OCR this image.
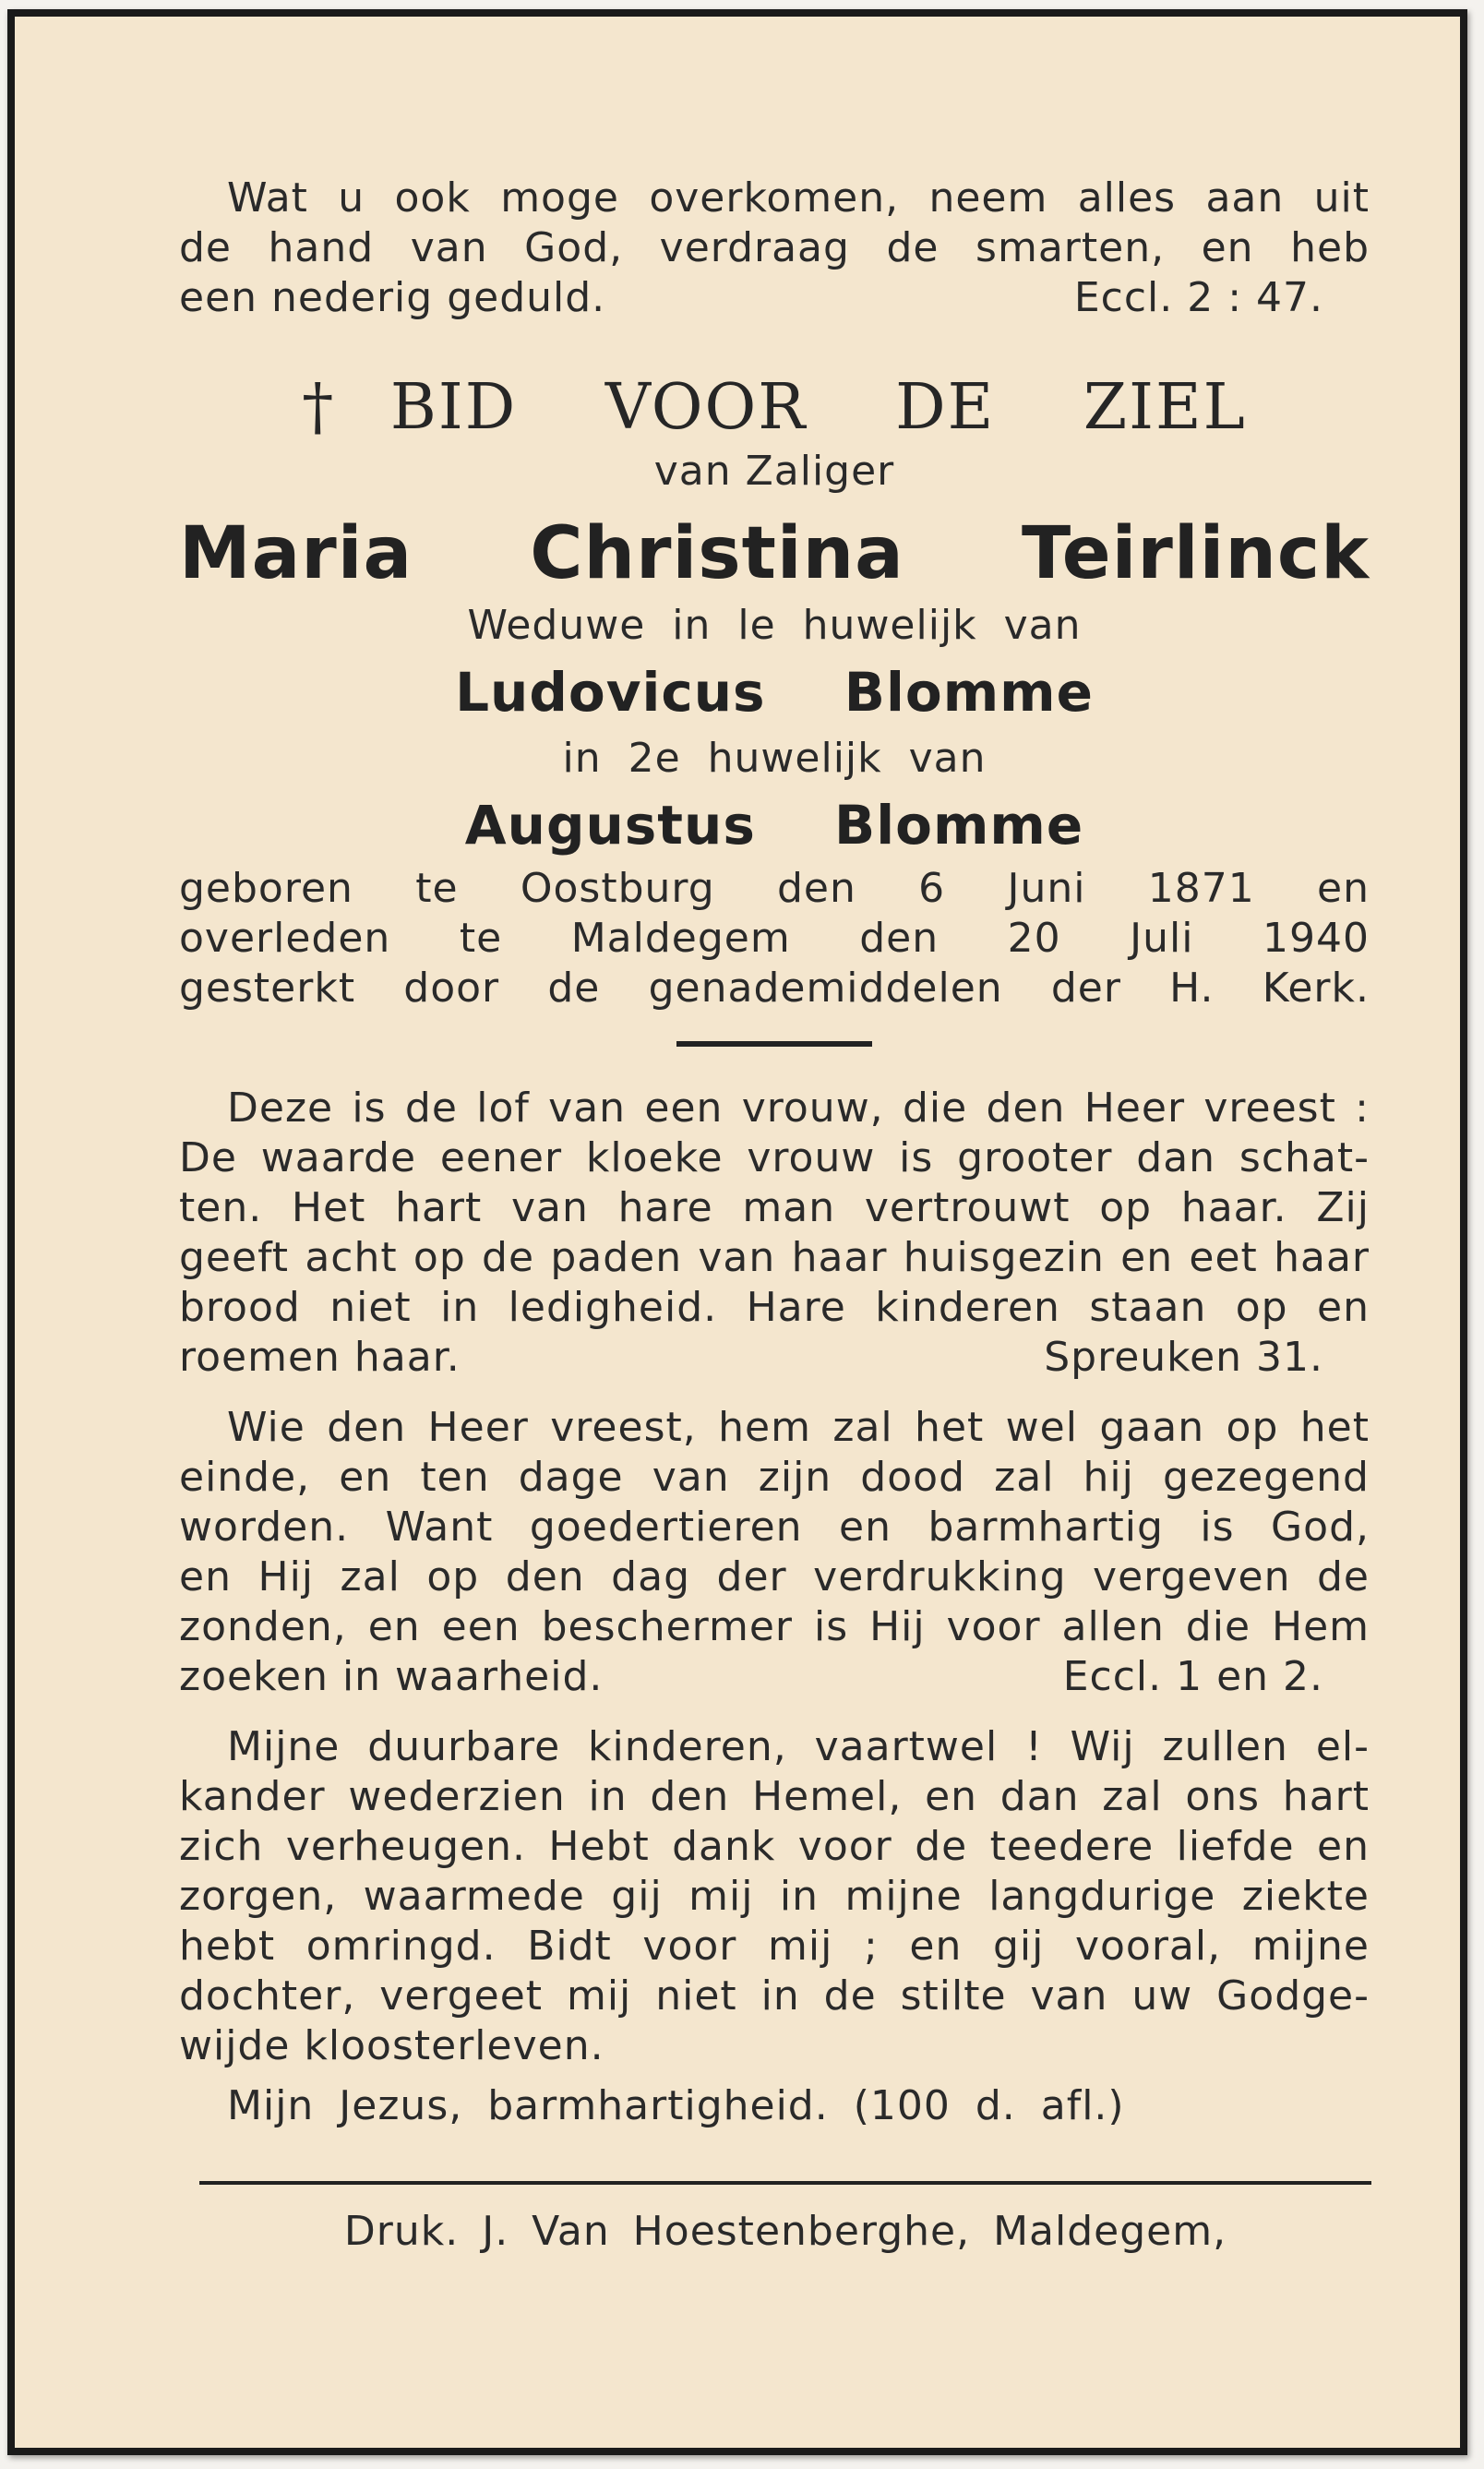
Wat u ook moge overkomen, neem alles aan uit
de hand van God, verdraag de smarten, en heb
een nederig geduld.	Eccl. 2 : 47.
† BID VOOR DE ZIEL
van Zaliger
Maria Christina Teirlinck
Weduwe in le huwelijk van
Ludovicus Blomme
in 2e huwelijk van
Augustus Blomme
geboren te Oostburg den 6 Juni 1871 en
overleden te Maldegem den 20 Juli 1940
gesterkt door de genademiddelen der H. Kerk.
Deze is de lof van een vrouw, die den Heer vreest :
De waarde eener kloeke vrouw is grooter dan schat-
ten. Het hart van hare man vertrouwt op haar. Zij
geeft acht op de paden van haar huisgezin en eet haar
brood niet in ledigheid. Hare kinderen staan op en
roemen haar.	Spreuken 31.
Wie den Heer vreest, hem zal het wel gaan op het
einde, en ten dage van zijn dood zal hij gezegend
worden. Want goedertieren en barmhartig is God,
en Hij zal op den dag der verdrukking vergeven de
zonden, en een beschermer is Hij voor allen die Hem
zoeken in waarheid.	Eccl. 1 en 2.
Mijne duurbare kinderen, vaartwel ! Wij zullen el-
kander wederzien in den Hemel, en dan zal ons hart
zich verheugen. Hebt dank voor de teedere liefde en
zorgen, waarmede gij mij in mijne langdurige ziekte
hebt omringd. Bidt voor mij ; en gij vooral, mijne
dochter, vergeet mij niet in de stilte van uw Godge-
wijde kloosterleven.
Mijn Jezus, barmhartigheid. (100 d. afl.)
Druk. J. Van Hoestenberghe, Maldegem,
